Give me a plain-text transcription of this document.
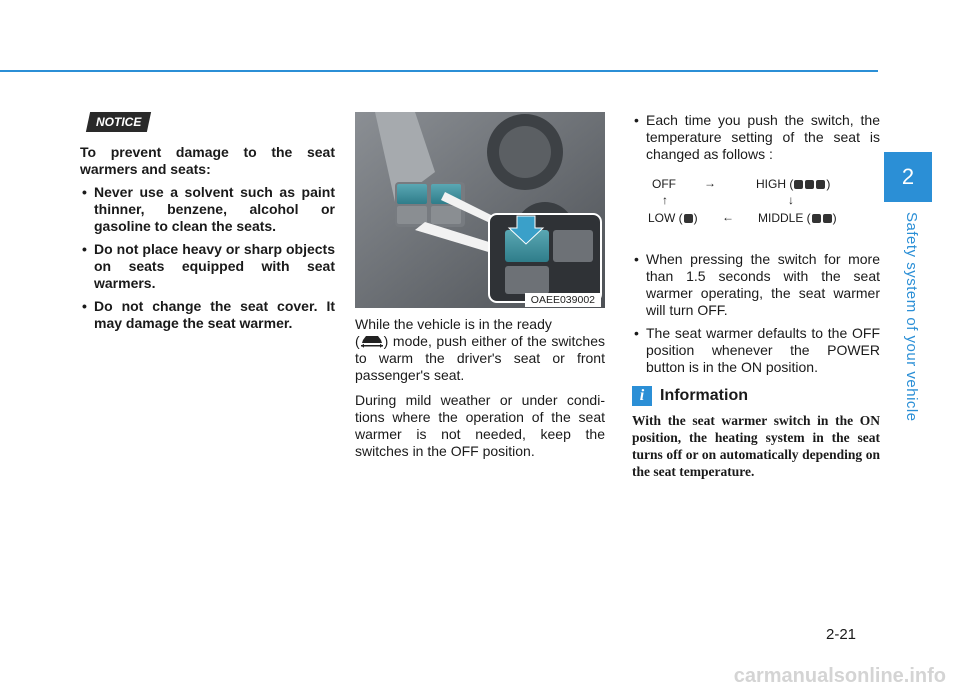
2
Safety system of your vehicle
NOTICE

To prevent damage to the seat warmers and seats:

• Never use a solvent such as paint thinner, benzene, alcohol or gasoline to clean the seats.
• Do not place heavy or sharp objects on seats equipped with seat warmers.
• Do not change the seat cover. It may damage the seat warmer.
OAEE039002

While the vehicle is in the ready
( ) mode, push either of the switches to warm the driver's seat or front passenger's seat.

During mild weather or under condi-tions where the operation of the seat warmer is not needed, keep the switches in the OFF position.

• Each time you push the switch, the temperature setting of the seat is changed as follows :
OFF →	HIGH (	)
↑	↓
LOW ( ) ← MIDDLE ( )
• When pressing the switch for more than 1.5 seconds with the seat warmer operating, the seat warmer will turn OFF.
• The seat warmer defaults to the OFF position whenever the POWER button is in the ON position.
i Information
With the seat warmer switch in the ON position, the heating system in the seat turns off or on automatically depending on the seat temperature.
2-21
carmanualsonline.info
